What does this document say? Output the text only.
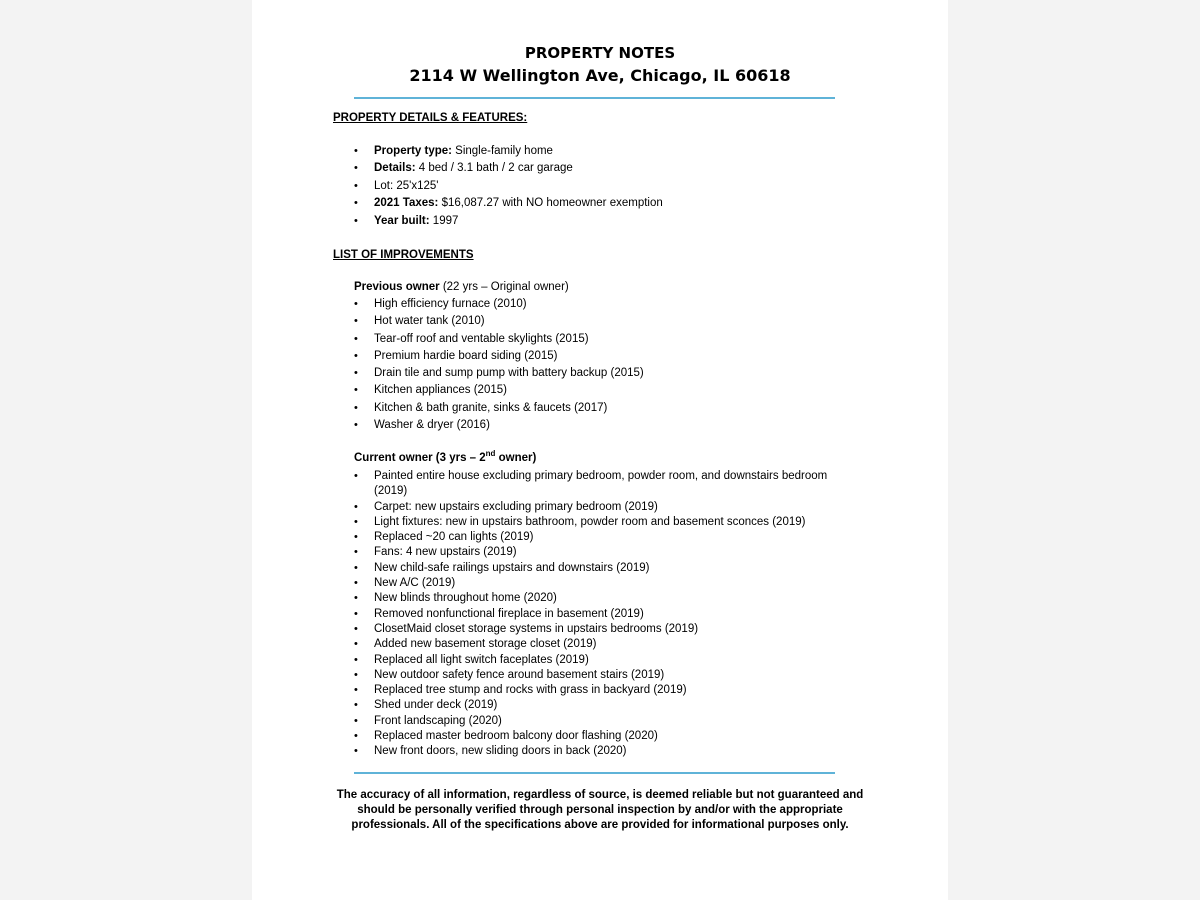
PROPERTY NOTES

2114 W Wellington Ave, Chicago, IL 60618

PROPERTY DETAILS & FEATURES:
• Property type: Single-family home
• Details: 4 bed / 3.1 bath / 2 car garage
• Lot: 25'x125'
• 2021 Taxes: $16,087.27 with NO homeowner exemption
• Year built: 1997
LIST OF IMPROVEMENTS
Previous owner (22 yrs – Original owner)
• High efficiency furnace (2010)
• Hot water tank (2010)
• Tear-off roof and ventable skylights (2015)
• Premium hardie board siding (2015)
• Drain tile and sump pump with battery backup (2015)
• Kitchen appliances (2015)
• Kitchen & bath granite, sinks & faucets (2017)
• Washer & dryer (2016)
Current owner (3 yrs – 2nd owner)
• Painted entire house excluding primary bedroom, powder room, and downstairs bedroom (2019)
• Carpet: new upstairs excluding primary bedroom (2019)
• Light fixtures: new in upstairs bathroom, powder room and basement sconces (2019)
• Replaced ~20 can lights (2019)
• Fans: 4 new upstairs (2019)
• New child-safe railings upstairs and downstairs (2019)
• New A/C (2019)
• New blinds throughout home (2020)
• Removed nonfunctional fireplace in basement (2019)
• ClosetMaid closet storage systems in upstairs bedrooms (2019)
• Added new basement storage closet (2019)
• Replaced all light switch faceplates (2019)
• New outdoor safety fence around basement stairs (2019)
• Replaced tree stump and rocks with grass in backyard (2019)
• Shed under deck (2019)
• Front landscaping (2020)
• Replaced master bedroom balcony door flashing (2020)
• New front doors, new sliding doors in back (2020)
The accuracy of all information, regardless of source, is deemed reliable but not guaranteed and should be personally verified through personal inspection by and/or with the appropriate professionals. All of the specifications above are provided for informational purposes only.
